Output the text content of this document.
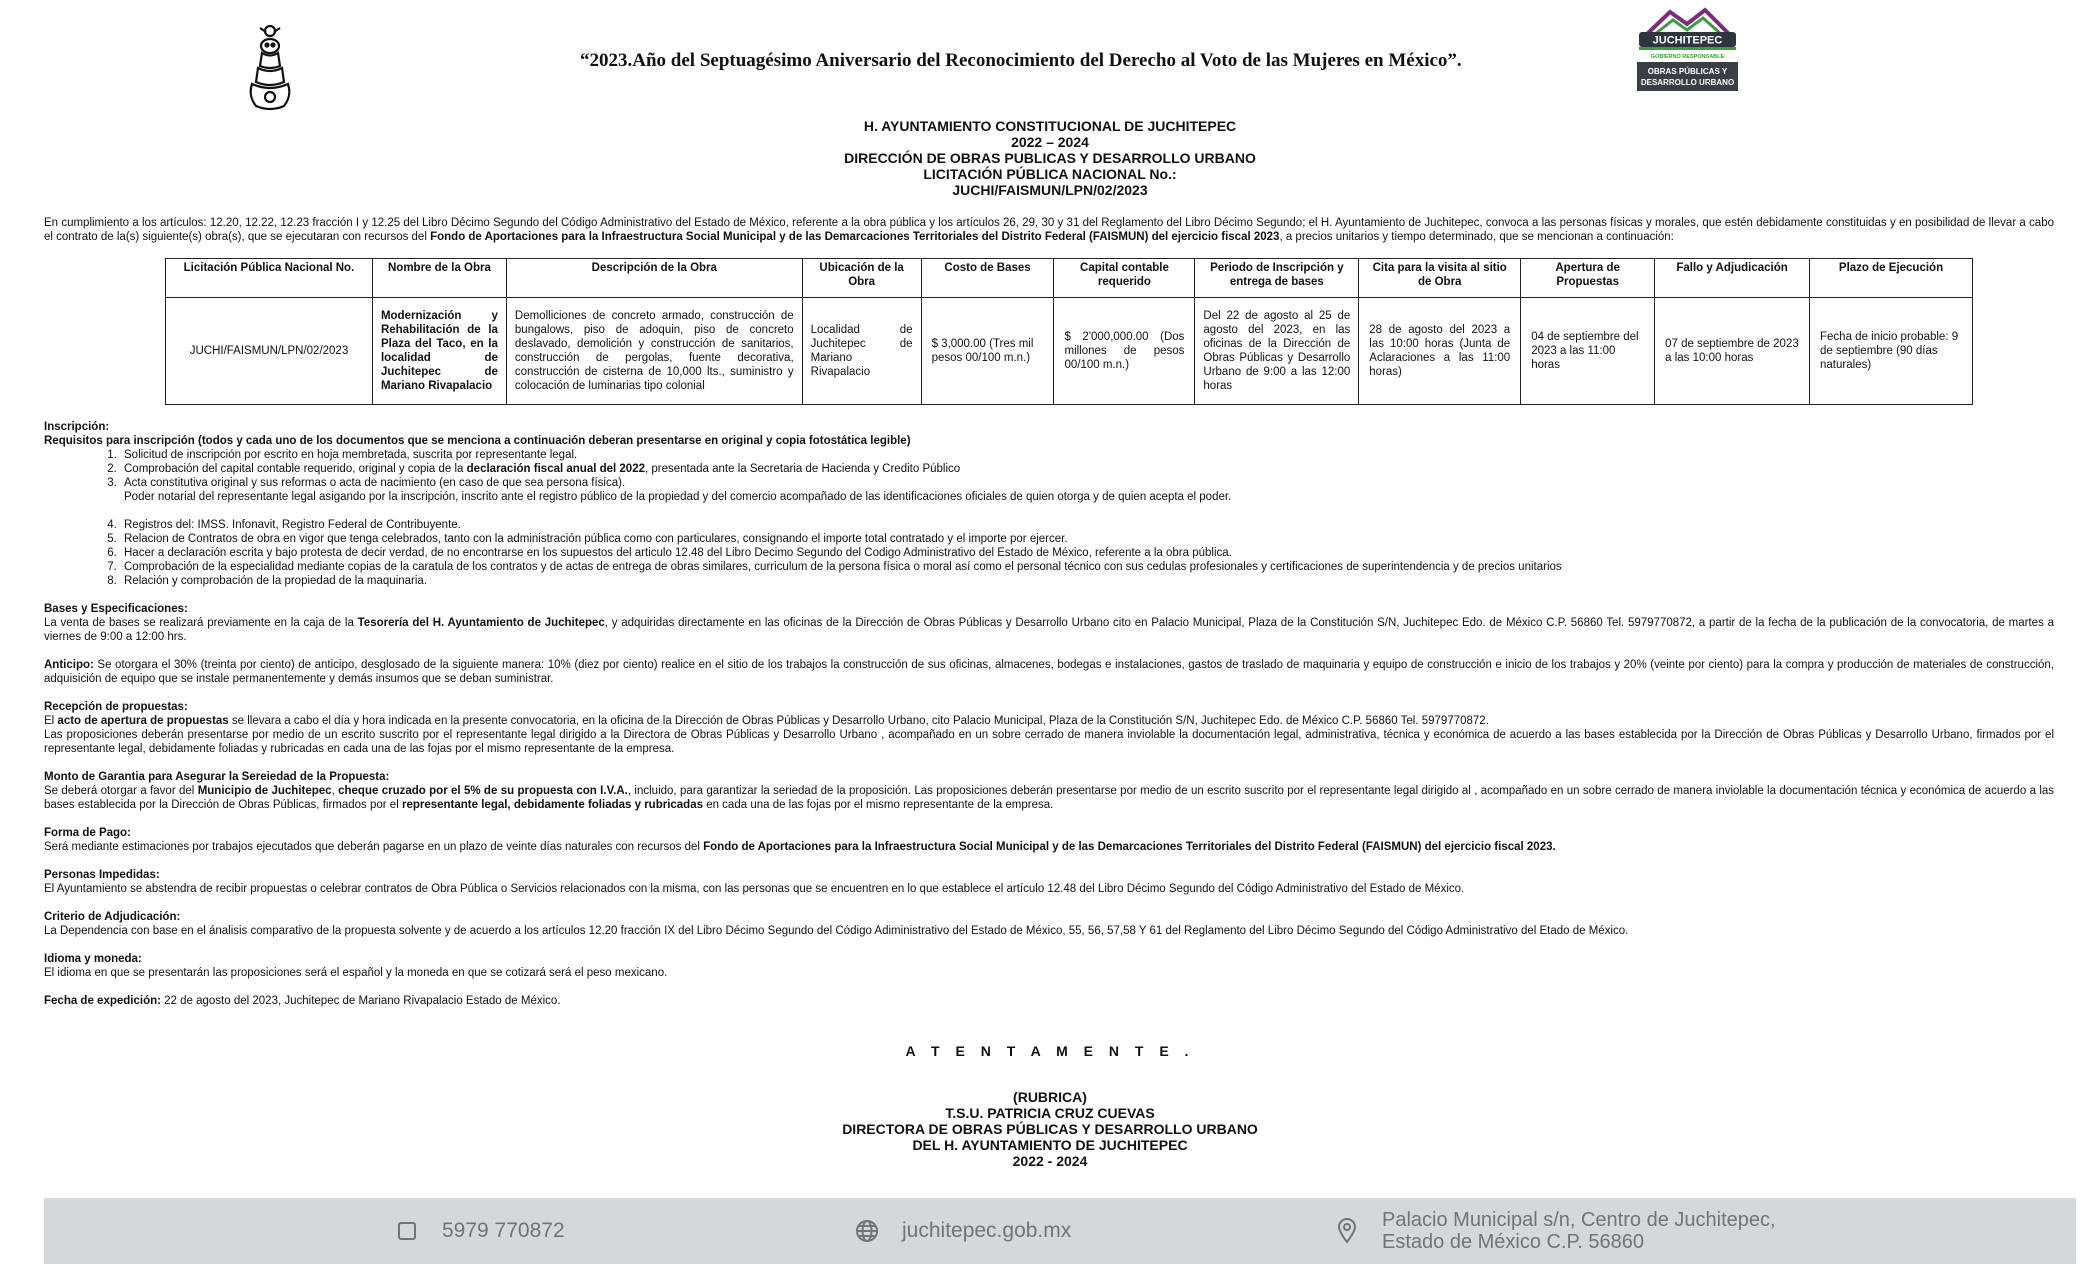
“2023.Año del Septuagésimo Aniversario del Reconocimiento del Derecho al Voto de las Mujeres en México”.
JUCHITEPEC
GOBIERNO RESPONSABLE
OBRAS PÚBLICAS Y
DESARROLLO URBANO
H. AYUNTAMIENTO CONSTITUCIONAL DE JUCHITEPEC
2022 – 2024
DIRECCIÓN DE OBRAS PUBLICAS Y DESARROLLO URBANO
LICITACIÓN PÚBLICA NACIONAL No.:
JUCHI/FAISMUN/LPN/02/2023
En cumplimiento a los artículos: 12.20, 12.22, 12.23 fracción I y 12.25 del Libro Décimo Segundo del Código Administrativo del Estado de México, referente a la obra pública y los artículos 26, 29, 30 y 31 del Reglamento del Libro Décimo Segundo; el H. Ayuntamiento de Juchitepec, convoca a las personas físicas y morales, que estén debidamente constituidas y en posibilidad de llevar a cabo el contrato de la(s) siguiente(s) obra(s), que se ejecutaran con recursos del Fondo de Aportaciones para la Infraestructura Social Municipal y de las Demarcaciones Territoriales del Distrito Federal (FAISMUN) del ejercicio fiscal 2023, a precios unitarios y tiempo determinado, que se mencionan a continuación:
Licitación Pública Nacional No.	Nombre de la Obra	Descripción de la Obra	Ubicación de la Obra	Costo de Bases	Capital contable requerido	Periodo de Inscripción y entrega de bases	Cita para la visita al sitio de Obra	Apertura de Propuestas	Fallo y Adjudicación	Plazo de Ejecución
JUCHI/FAISMUN/LPN/02/2023	Modernización y Rehabilitación de la Plaza del Taco, en la localidad de Juchitepec de Mariano Rivapalacio	Demolliciones de concreto armado, construcción de bungalows, piso de adoquin, piso de concreto deslavado, demolición y construcción de sanitarios, construcción de pergolas, fuente decorativa, construcción de cisterna de 10,000 lts., suministro y colocación de luminarias tipo colonial	Localidad de Juchitepec de Mariano Rivapalacio	$ 3,000.00 (Tres mil pesos 00/100 m.n.)	$ 2'000,000.00 (Dos millones de pesos 00/100 m.n.)	Del 22 de agosto al 25 de agosto del 2023, en las oficinas de la Dirección de Obras Públicas y Desarrollo Urbano de 9:00 a las 12:00 horas	28 de agosto del 2023 a las 10:00 horas (Junta de Aclaraciones a las 11:00 horas)	04 de septiembre del 2023 a las 11:00 horas	07 de septiembre de 2023 a las 10:00 horas	Fecha de inicio probable: 9 de septiembre (90 días naturales)
Inscripción:
Requisitos para inscripción (todos y cada uno de los documentos que se menciona a continuación deberan presentarse en original y copia fotostática legible)
1. Solicitud de inscripción por escrito en hoja membretada, suscrita por representante legal.
2. Comprobación del capital contable requerido, original y copia de la declaración fiscal anual del 2022, presentada ante la Secretaria de Hacienda y Credito Público
3. Acta constitutiva original y sus reformas o acta de nacimiento (en caso de que sea persona física).
Poder notarial del representante legal asigando por la inscripción, inscrito ante el registro público de la propiedad y del comercio acompañado de las identificaciones oficiales de quien otorga y de quien acepta el poder.
4. Registros del: IMSS. Infonavit, Registro Federal de Contribuyente.
5. Relacion de Contratos de obra en vigor que tenga celebrados, tanto con la administración pública como con particulares, consignando el importe total contratado y el importe por ejercer.
6. Hacer a declaración escrita y bajo protesta de decir verdad, de no encontrarse en los supuestos del articulo 12.48 del Libro Decimo Segundo del Codigo Administrativo del Estado de México, referente a la obra pública.
7. Comprobación de la especialidad mediante copias de la caratula de los contratos y de actas de entrega de obras similares, curriculum de la persona física o moral así como el personal técnico con sus cedulas profesionales y certificaciones de superintendencia y de precios unitarios
8. Relación y comprobación de la propiedad de la maquinaria.
Bases y Especificaciones:
La venta de bases se realizará previamente en la caja de la Tesorería del H. Ayuntamiento de Juchitepec, y adquiridas directamente en las oficinas de la Dirección de Obras Públicas y Desarrollo Urbano cito en Palacio Municipal, Plaza de la Constitución S/N, Juchitepec Edo. de México C.P. 56860 Tel. 5979770872, a partir de la fecha de la publicación de la convocatoria, de martes a viernes de 9:00 a 12:00 hrs.
Anticipo: Se otorgara el 30% (treinta por ciento) de anticipo, desglosado de la siguiente manera: 10% (diez por ciento) realice en el sitio de los trabajos la construcción de sus oficinas, almacenes, bodegas e instalaciones, gastos de traslado de maquinaria y equipo de construcción e inicio de los trabajos y 20% (veinte por ciento) para la compra y producción de materiales de construcción, adquisición de equipo que se instale permanentemente y demás insumos que se deban suministrar.
Recepción de propuestas:
El acto de apertura de propuestas se llevara a cabo el día y hora indicada en la presente convocatoria, en la oficina de la Dirección de Obras Públicas y Desarrollo Urbano, cito Palacio Municipal, Plaza de la Constitución S/N, Juchitepec Edo. de México C.P. 56860 Tel. 5979770872.
Las proposiciones deberán presentarse por medio de un escrito suscrito por el representante legal dirigido a la Directora de Obras Públicas y Desarrollo Urbano , acompañado en un sobre cerrado de manera inviolable la documentación legal, administrativa, técnica y económica de acuerdo a las bases establecida por la Dirección de Obras Públicas y Desarrollo Urbano, firmados por el representante legal, debidamente foliadas y rubricadas en cada una de las fojas por el mismo representante de la empresa.
Monto de Garantia para Asegurar la Sereiedad de la Propuesta:
Se deberá otorgar a favor del Municipio de Juchitepec, cheque cruzado por el 5% de su propuesta con I.V.A., incluido, para garantizar la seriedad de la proposición. Las proposiciones deberán presentarse por medio de un escrito suscrito por el representante legal dirigido al , acompañado en un sobre cerrado de manera inviolable la documentación técnica y económica de acuerdo a las bases establecida por la Dirección de Obras Públicas, firmados por el representante legal, debidamente foliadas y rubricadas en cada una de las fojas por el mismo representante de la empresa.
Forma de Pago:
Será mediante estimaciones por trabajos ejecutados que deberán pagarse en un plazo de veinte días naturales con recursos del Fondo de Aportaciones para la Infraestructura Social Municipal y de las Demarcaciones Territoriales del Distrito Federal (FAISMUN) del ejercicio fiscal 2023.
Personas Impedidas:
El Ayuntamiento se abstendra de recibir propuestas o celebrar contratos de Obra Pública o Servicios relacionados con la misma, con las personas que se encuentren en lo que establece el artículo 12.48 del Libro Décimo Segundo del Código Administrativo del Estado de México.
Criterio de Adjudicación:
La Dependencia con base en el ánalisis comparativo de la propuesta solvente y de acuerdo a los artículos 12.20 fracción IX del Libro Décimo Segundo del Código Adiministrativo del Estado de México, 55, 56, 57,58 Y 61 del Reglamento del Libro Décimo Segundo del Código Administrativo del Etado de México.
Idioma y moneda:
El idioma en que se presentarán las proposiciones será el español y la moneda en que se cotizará será el peso mexicano.
Fecha de expedición: 22 de agosto del 2023, Juchitepec de Mariano Rivapalacio Estado de México.
A T E N T A M E N T E .
(RUBRICA)
T.S.U. PATRICIA CRUZ CUEVAS
DIRECTORA DE OBRAS PÚBLICAS Y DESARROLLO URBANO
DEL H. AYUNTAMIENTO DE JUCHITEPEC
2022 - 2024
5979 770872	juchitepec.gob.mx	Palacio Municipal s/n, Centro de Juchitepec,
Estado de México C.P. 56860
